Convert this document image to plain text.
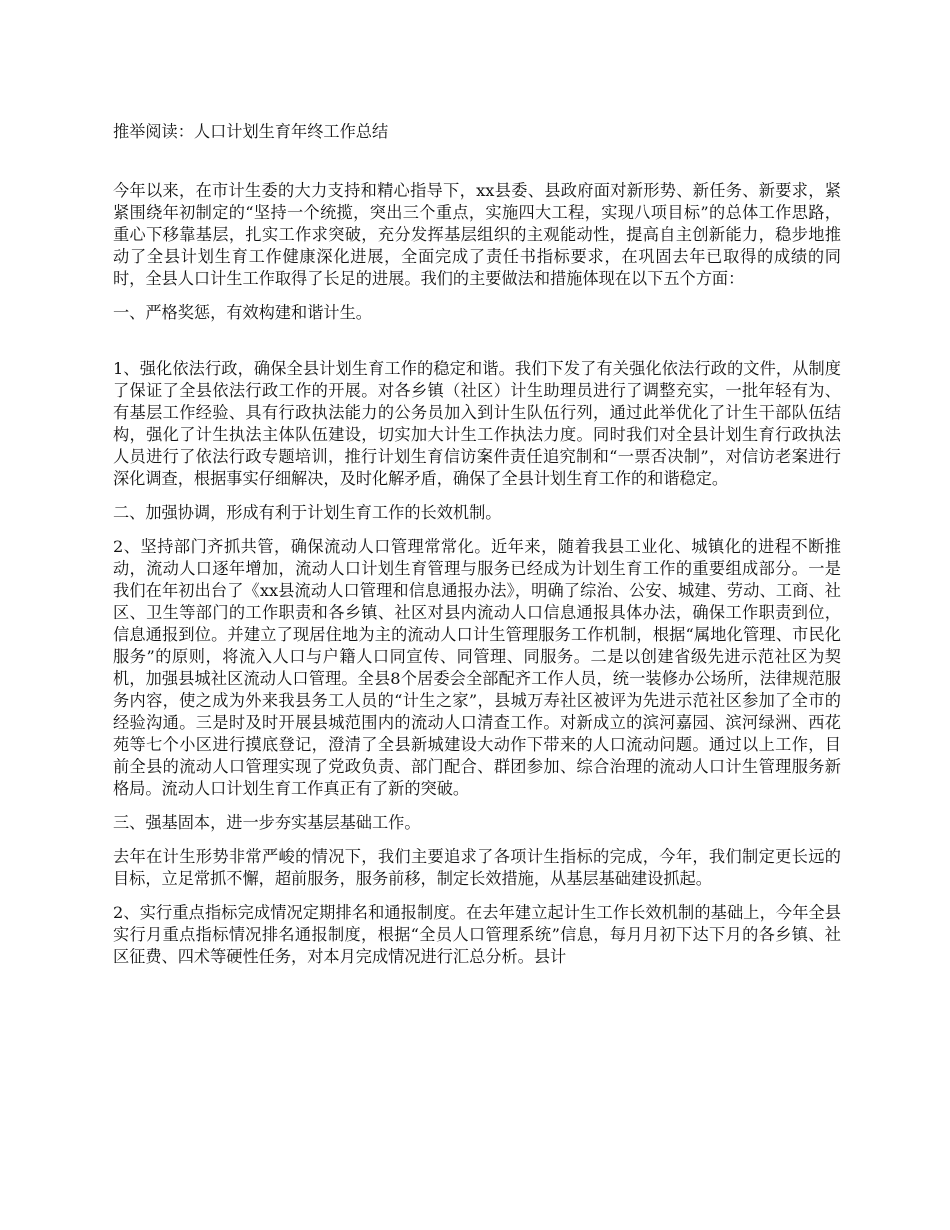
推举阅读：人口计划生育年终工作总结

今年以来，在市计生委的大力支持和精心指导下，xx县委、县政府面对新形势、新任务、新要求，紧紧围绕年初制定的“坚持一个统揽，突出三个重点，实施四大工程，实现八项目标”的总体工作思路，重心下移靠基层，扎实工作求突破，充分发挥基层组织的主观能动性，提高自主创新能力，稳步地推动了全县计划生育工作健康深化进展，全面完成了责任书指标要求，在巩固去年已取得的成绩的同时，全县人口计生工作取得了长足的进展。我们的主要做法和措施体现在以下五个方面：

一、严格奖惩，有效构建和谐计生。

1、强化依法行政，确保全县计划生育工作的稳定和谐。我们下发了有关强化依法行政的文件，从制度了保证了全县依法行政工作的开展。对各乡镇（社区）计生助理员进行了调整充实，一批年轻有为、有基层工作经验、具有行政执法能力的公务员加入到计生队伍行列，通过此举优化了计生干部队伍结构，强化了计生执法主体队伍建设，切实加大计生工作执法力度。同时我们对全县计划生育行政执法人员进行了依法行政专题培训，推行计划生育信访案件责任追究制和“一票否决制”，对信访老案进行深化调查，根据事实仔细解决，及时化解矛盾，确保了全县计划生育工作的和谐稳定。

二、加强协调，形成有利于计划生育工作的长效机制。

2、坚持部门齐抓共管，确保流动人口管理常常化。近年来，随着我县工业化、城镇化的进程不断推动，流动人口逐年增加，流动人口计划生育管理与服务已经成为计划生育工作的重要组成部分。一是我们在年初出台了《xx县流动人口管理和信息通报办法》，明确了综治、公安、城建、劳动、工商、社区、卫生等部门的工作职责和各乡镇、社区对县内流动人口信息通报具体办法，确保工作职责到位，信息通报到位。并建立了现居住地为主的流动人口计生管理服务工作机制，根据“属地化管理、市民化服务”的原则，将流入人口与户籍人口同宣传、同管理、同服务。二是以创建省级先进示范社区为契机，加强县城社区流动人口管理。全县8个居委会全部配齐工作人员，统一装修办公场所，法律规范服务内容，使之成为外来我县务工人员的“计生之家”，县城万寿社区被评为先进示范社区参加了全市的经验沟通。三是时及时开展县城范围内的流动人口清查工作。对新成立的滨河嘉园、滨河绿洲、西花苑等七个小区进行摸底登记，澄清了全县新城建设大动作下带来的人口流动问题。通过以上工作，目前全县的流动人口管理实现了党政负责、部门配合、群团参加、综合治理的流动人口计生管理服务新格局。流动人口计划生育工作真正有了新的突破。

三、强基固本，进一步夯实基层基础工作。

去年在计生形势非常严峻的情况下，我们主要追求了各项计生指标的完成，今年，我们制定更长远的目标，立足常抓不懈，超前服务，服务前移，制定长效措施，从基层基础建设抓起。

2、实行重点指标完成情况定期排名和通报制度。在去年建立起计生工作长效机制的基础上，今年全县实行月重点指标情况排名通报制度，根据“全员人口管理系统”信息，每月月初下达下月的各乡镇、社区征费、四术等硬性任务，对本月完成情况进行汇总分析。县计
